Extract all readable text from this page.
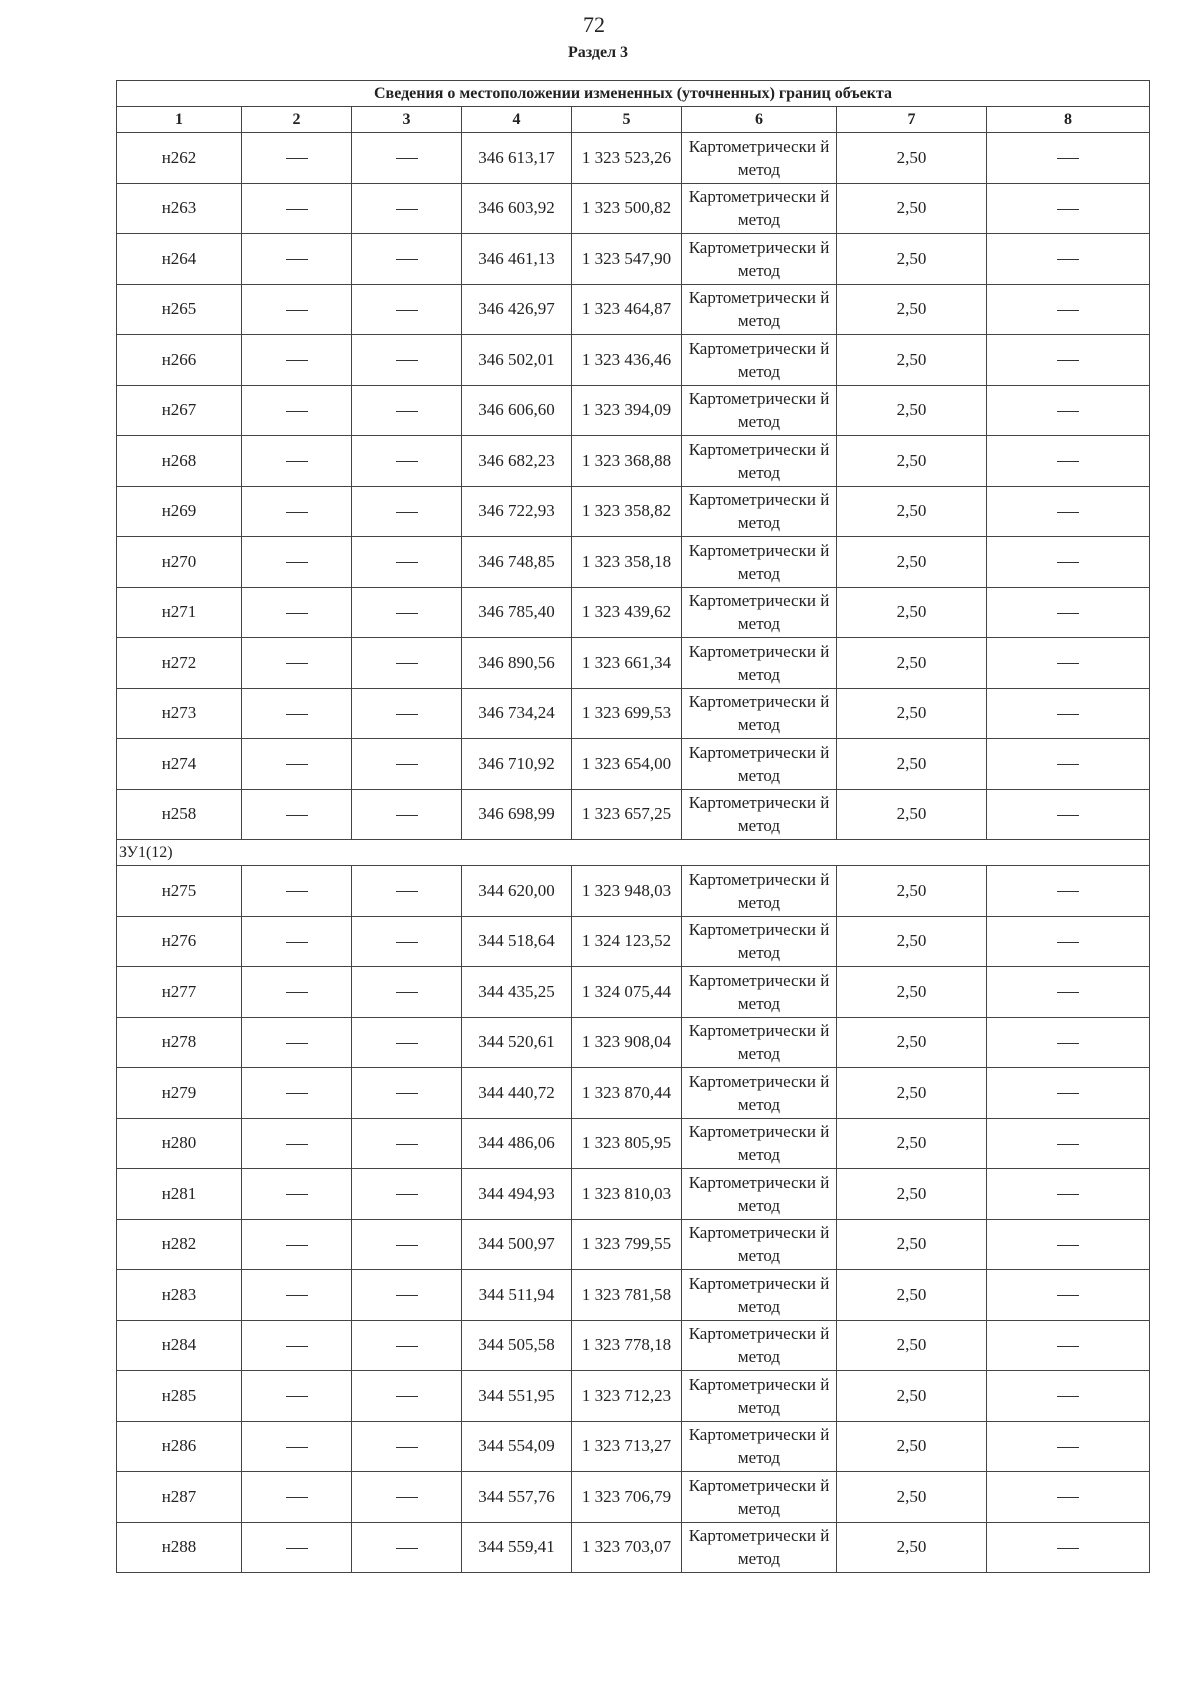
72
Раздел 3
Сведения о местоположении измененных (уточненных) границ объекта							
1	2	3	4	5	6	7	8
н262			346 613,17	1 323 523,26	Картометрически й метод	2,50	
н263			346 603,92	1 323 500,82	Картометрически й метод	2,50	
н264			346 461,13	1 323 547,90	Картометрически й метод	2,50	
н265			346 426,97	1 323 464,87	Картометрически й метод	2,50	
н266			346 502,01	1 323 436,46	Картометрически й метод	2,50	
н267			346 606,60	1 323 394,09	Картометрически й метод	2,50	
н268			346 682,23	1 323 368,88	Картометрически й метод	2,50	
н269			346 722,93	1 323 358,82	Картометрически й метод	2,50	
н270			346 748,85	1 323 358,18	Картометрически й метод	2,50	
н271			346 785,40	1 323 439,62	Картометрически й метод	2,50	
н272			346 890,56	1 323 661,34	Картометрически й метод	2,50	
н273			346 734,24	1 323 699,53	Картометрически й метод	2,50	
н274			346 710,92	1 323 654,00	Картометрически й метод	2,50	
н258			346 698,99	1 323 657,25	Картометрически й метод	2,50	
ЗУ1(12)							
н275			344 620,00	1 323 948,03	Картометрически й метод	2,50	
н276			344 518,64	1 324 123,52	Картометрически й метод	2,50	
н277			344 435,25	1 324 075,44	Картометрически й метод	2,50	
н278			344 520,61	1 323 908,04	Картометрически й метод	2,50	
н279			344 440,72	1 323 870,44	Картометрически й метод	2,50	
н280			344 486,06	1 323 805,95	Картометрически й метод	2,50	
н281			344 494,93	1 323 810,03	Картометрически й метод	2,50	
н282			344 500,97	1 323 799,55	Картометрически й метод	2,50	
н283			344 511,94	1 323 781,58	Картометрически й метод	2,50	
н284			344 505,58	1 323 778,18	Картометрически й метод	2,50	
н285			344 551,95	1 323 712,23	Картометрически й метод	2,50	
н286			344 554,09	1 323 713,27	Картометрически й метод	2,50	
н287			344 557,76	1 323 706,79	Картометрически й метод	2,50	
н288			344 559,41	1 323 703,07	Картометрически й метод	2,50	
